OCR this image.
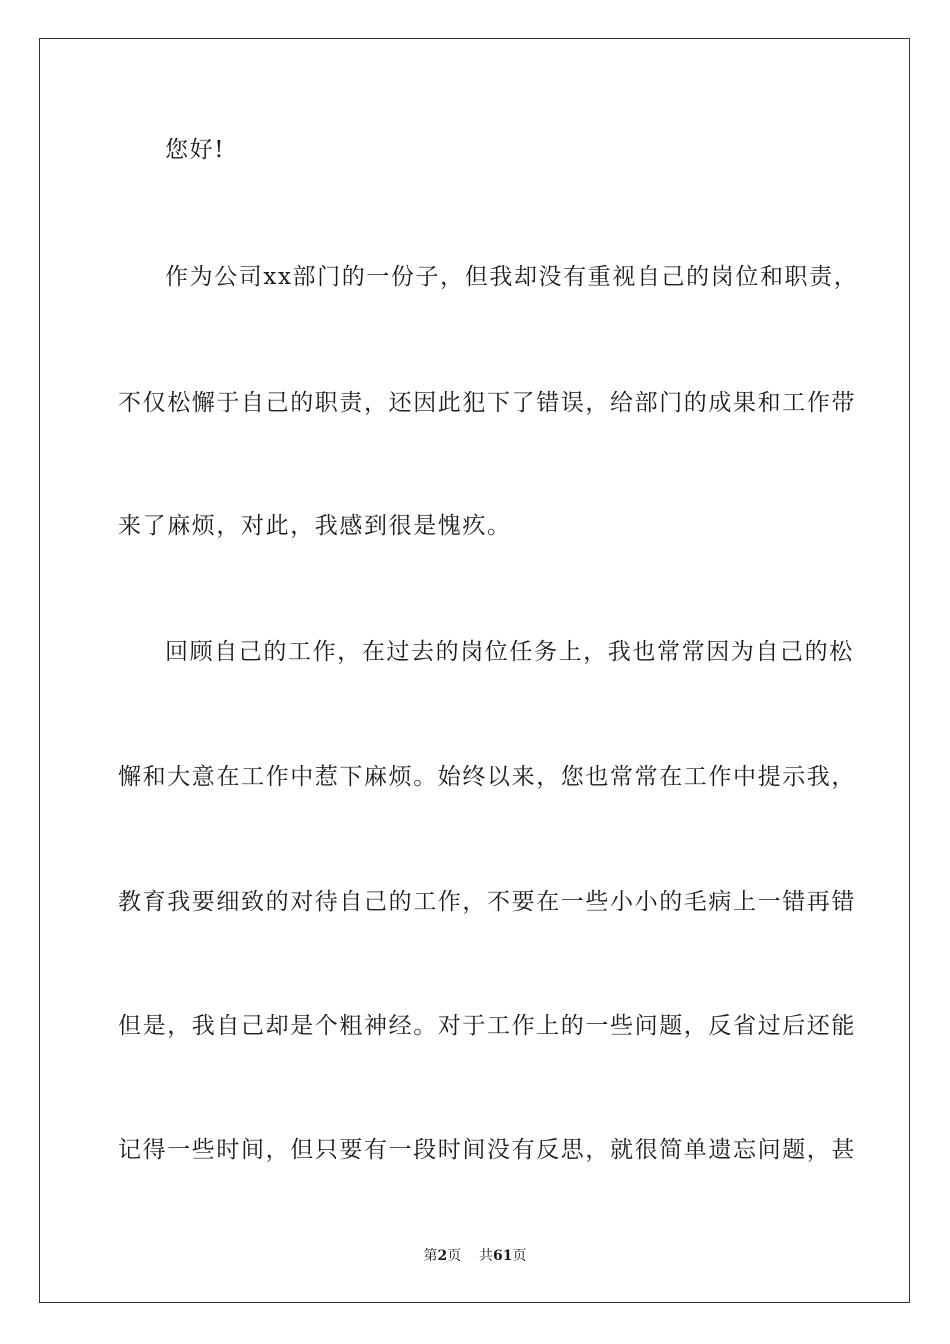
您好!
作为公司xx部门的一份子，但我却没有重视自己的岗位和职责，
不仅松懈于自己的职责，还因此犯下了错误，给部门的成果和工作带
来了麻烦，对此，我感到很是愧疚。
回顾自己的工作，在过去的岗位任务上，我也常常因为自己的松
懈和大意在工作中惹下麻烦。始终以来，您也常常在工作中提示我，
教育我要细致的对待自己的工作，不要在一些小小的毛病上一错再错
但是，我自己却是个粗神经。对于工作上的一些问题，反省过后还能
记得一些时间，但只要有一段时间没有反思，就很简单遗忘问题，甚
第2页 共61页
